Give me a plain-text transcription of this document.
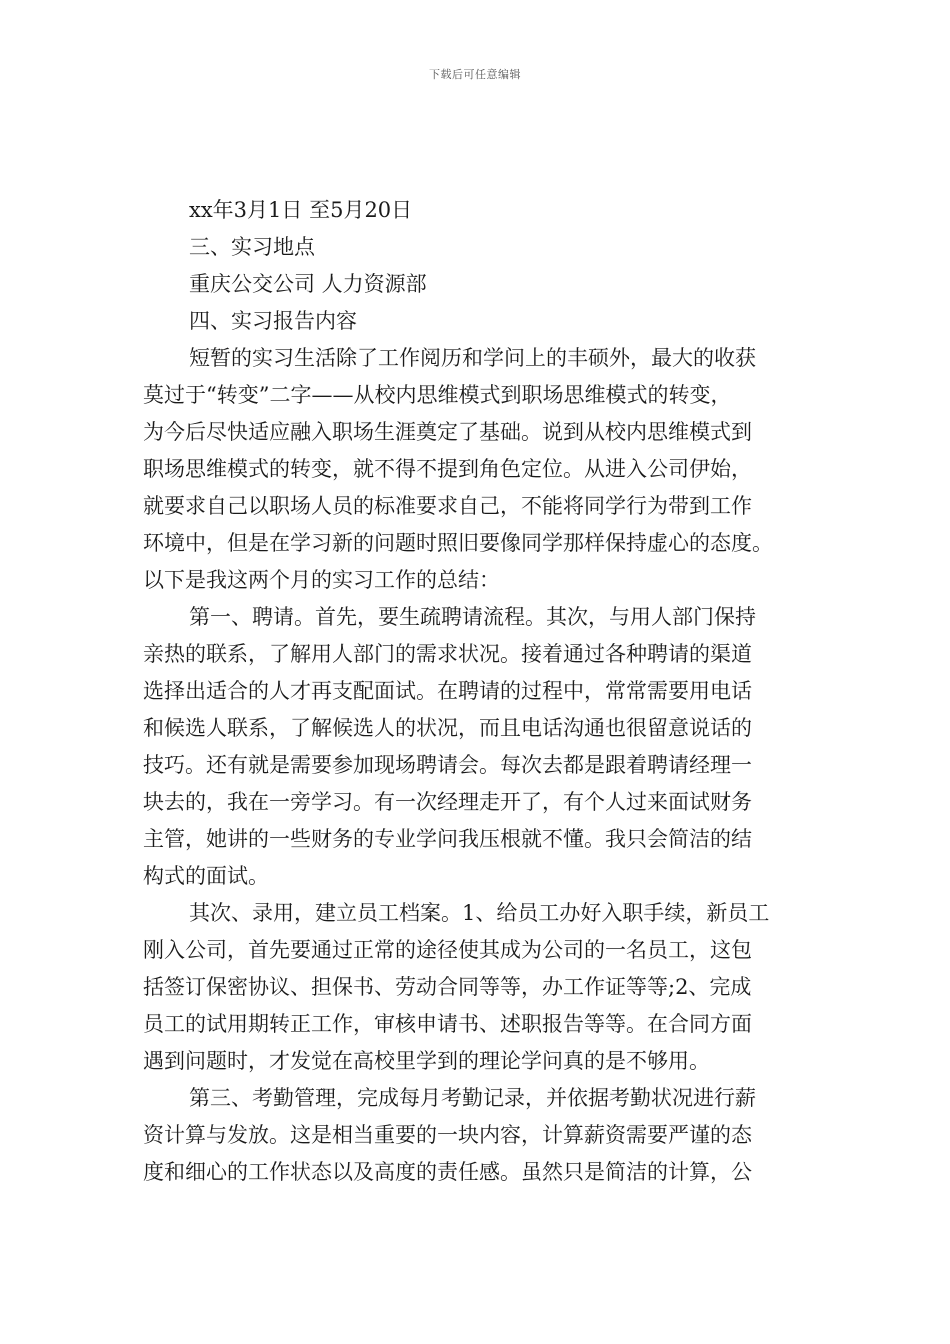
下载后可任意编辑

xx年3月1日 至5月20日

三、实习地点

重庆公交公司 人力资源部

四、实习报告内容

短暂的实习生活除了工作阅历和学问上的丰硕外，最大的收获

莫过于“转变”二字——从校内思维模式到职场思维模式的转变，

为今后尽快适应融入职场生涯奠定了基础。说到从校内思维模式到

职场思维模式的转变，就不得不提到角色定位。从进入公司伊始，

就要求自己以职场人员的标准要求自己，不能将同学行为带到工作

环境中，但是在学习新的问题时照旧要像同学那样保持虚心的态度。

以下是我这两个月的实习工作的总结：

第一、聘请。首先，要生疏聘请流程。其次，与用人部门保持

亲热的联系，了解用人部门的需求状况。接着通过各种聘请的渠道

选择出适合的人才再支配面试。在聘请的过程中，常常需要用电话

和候选人联系，了解候选人的状况，而且电话沟通也很留意说话的

技巧。还有就是需要参加现场聘请会。每次去都是跟着聘请经理一

块去的，我在一旁学习。有一次经理走开了，有个人过来面试财务

主管，她讲的一些财务的专业学问我压根就不懂。我只会简洁的结

构式的面试。

其次、录用，建立员工档案。1、给员工办好入职手续，新员工

刚入公司，首先要通过正常的途径使其成为公司的一名员工，这包

括签订保密协议、担保书、劳动合同等等，办工作证等等;2、完成

员工的试用期转正工作，审核申请书、述职报告等等。在合同方面

遇到问题时，才发觉在高校里学到的理论学问真的是不够用。

第三、考勤管理，完成每月考勤记录，并依据考勤状况进行薪

资计算与发放。这是相当重要的一块内容，计算薪资需要严谨的态

度和细心的工作状态以及高度的责任感。虽然只是简洁的计算，公
